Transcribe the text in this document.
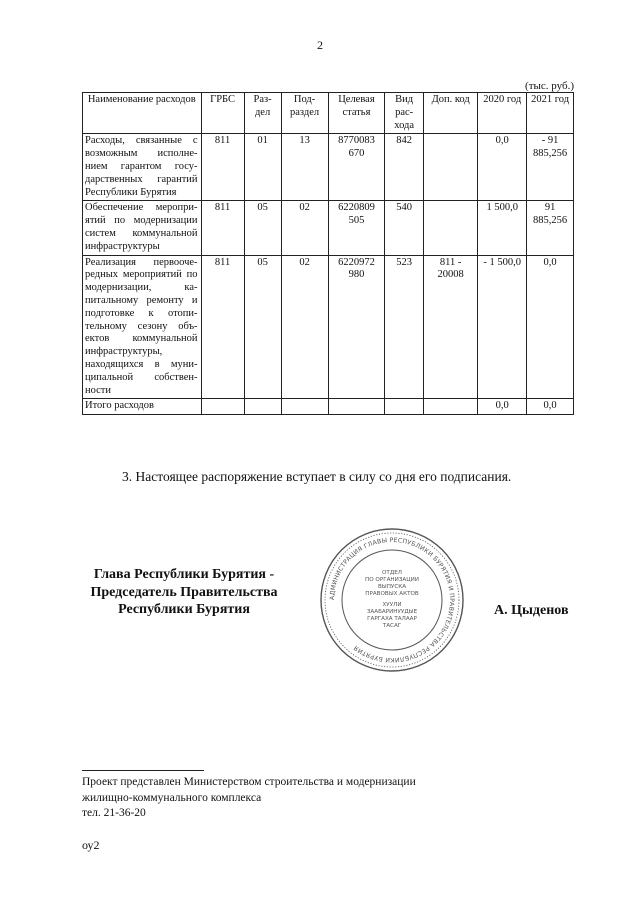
2
(тыс. руб.)
Наименование расходов	ГРБС	Раз-дел	Под-раздел	Целевая статья	Вид рас-хода	Доп. код	2020 год	2021 год
Расходы, связанные с возможным исполне-нием гарантом госу-дарственных гарантий Республики Бурятия	811	01	13	8770083 670	842		0,0	- 91 885,256
Обеспечение меропри-ятий по модернизации систем коммунальной инфраструктуры	811	05	02	6220809 505	540		1 500,0	91 885,256
Реализация первооче-редных мероприятий по модернизации, ка-питальному ремонту и подготовке к отопи-тельному сезону объ-ектов коммунальной инфраструктуры, находящихся в муни-ципальной собствен-ности	811	05	02	6220972 980	523	811 - 20008	- 1 500,0	0,0
Итого расходов							0,0	0,0
3. Настоящее распоряжение вступает в силу со дня его подписания.
Глава Республики Бурятия -
Председатель Правительства
Республики Бурятия
АДМИНИСТРАЦИЯ ГЛАВЫ РЕСПУБЛИКИ БУРЯТИЯ И ПРАВИТЕЛЬСТВА РЕСПУБЛИКИ БУРЯТИЯ
ОТДЕЛ
ПО ОРГАНИЗАЦИИ
ВЫПУСКА
ПРАВОВЫХ АКТОВ
ХУУЛИ
ЗААБАРИНУУДЫЕ
ГАРГАХА ТАЛААР
ТАСАГ
А. Цыденов
Проект представлен Министерством строительства и модернизации
жилищно-коммунального комплекса
тел. 21-36-20
оу2
